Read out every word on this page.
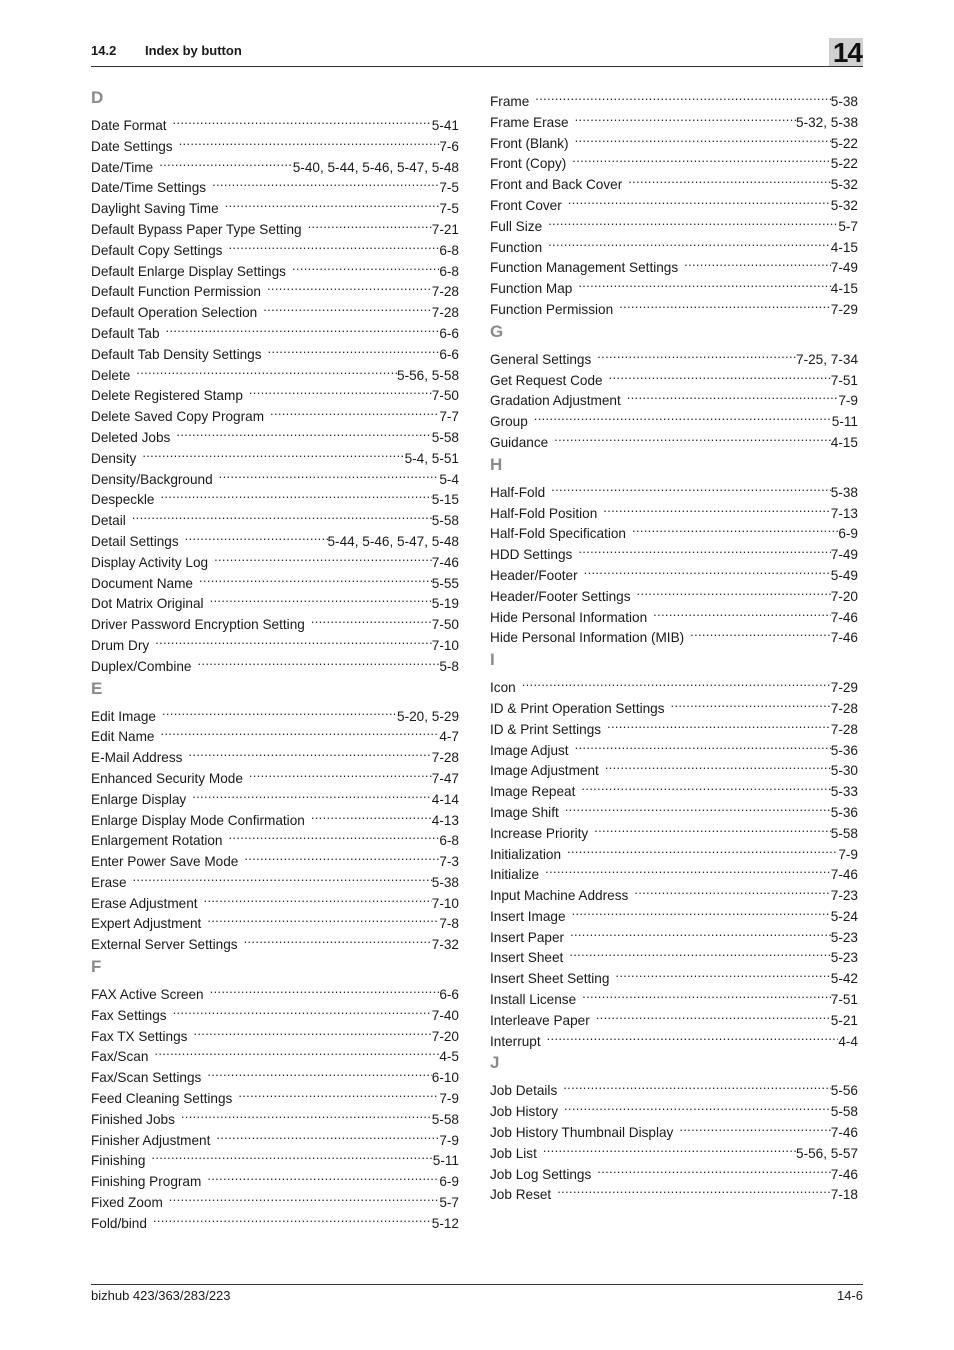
14.2 Index by button	14
D
Date Format .....	5-41
Date Settings .....	7-6
Date/Time .....	5-40, 5-44, 5-46, 5-47, 5-48
Date/Time Settings .....	7-5
Daylight Saving Time .....	7-5
Default Bypass Paper Type Setting .....	7-21
Default Copy Settings .....	6-8
Default Enlarge Display Settings .....	6-8
Default Function Permission .....	7-28
Default Operation Selection .....	7-28
Default Tab .....	6-6
Default Tab Density Settings .....	6-6
Delete .....	5-56, 5-58
Delete Registered Stamp .....	7-50
Delete Saved Copy Program .....	7-7
Deleted Jobs .....	5-58
Density .....	5-4, 5-51
Density/Background .....	5-4
Despeckle .....	5-15
Detail .....	5-58
Detail Settings .....	5-44, 5-46, 5-47, 5-48
Display Activity Log .....	7-46
Document Name .....	5-55
Dot Matrix Original .....	5-19
Driver Password Encryption Setting .....	7-50
Drum Dry .....	7-10
Duplex/Combine .....	5-8
E
Edit Image .....	5-20, 5-29
Edit Name .....	4-7
E-Mail Address .....	7-28
Enhanced Security Mode .....	7-47
Enlarge Display .....	4-14
Enlarge Display Mode Confirmation .....	4-13
Enlargement Rotation .....	6-8
Enter Power Save Mode .....	7-3
Erase .....	5-38
Erase Adjustment .....	7-10
Expert Adjustment .....	7-8
External Server Settings .....	7-32
F
FAX Active Screen .....	6-6
Fax Settings .....	7-40
Fax TX Settings .....	7-20
Fax/Scan .....	4-5
Fax/Scan Settings .....	6-10
Feed Cleaning Settings .....	7-9
Finished Jobs .....	5-58
Finisher Adjustment .....	7-9
Finishing .....	5-11
Finishing Program .....	6-9
Fixed Zoom .....	5-7
Fold/bind .....	5-12
Frame .....	5-38
Frame Erase .....	5-32, 5-38
Front (Blank) .....	5-22
Front (Copy) .....	5-22
Front and Back Cover .....	5-32
Front Cover .....	5-32
Full Size .....	5-7
Function .....	4-15
Function Management Settings .....	7-49
Function Map .....	4-15
Function Permission .....	7-29
G
General Settings .....	7-25, 7-34
Get Request Code .....	7-51
Gradation Adjustment .....	7-9
Group .....	5-11
Guidance .....	4-15
H
Half-Fold .....	5-38
Half-Fold Position .....	7-13
Half-Fold Specification .....	6-9
HDD Settings .....	7-49
Header/Footer .....	5-49
Header/Footer Settings .....	7-20
Hide Personal Information .....	7-46
Hide Personal Information (MIB) .....	7-46
I
Icon .....	7-29
ID & Print Operation Settings .....	7-28
ID & Print Settings .....	7-28
Image Adjust .....	5-36
Image Adjustment .....	5-30
Image Repeat .....	5-33
Image Shift .....	5-36
Increase Priority .....	5-58
Initialization .....	7-9
Initialize .....	7-46
Input Machine Address .....	7-23
Insert Image .....	5-24
Insert Paper .....	5-23
Insert Sheet .....	5-23
Insert Sheet Setting .....	5-42
Install License .....	7-51
Interleave Paper .....	5-21
Interrupt .....	4-4
J
Job Details .....	5-56
Job History .....	5-58
Job History Thumbnail Display .....	7-46
Job List .....	5-56, 5-57
Job Log Settings .....	7-46
Job Reset .....	7-18
bizhub 423/363/283/223	14-6
